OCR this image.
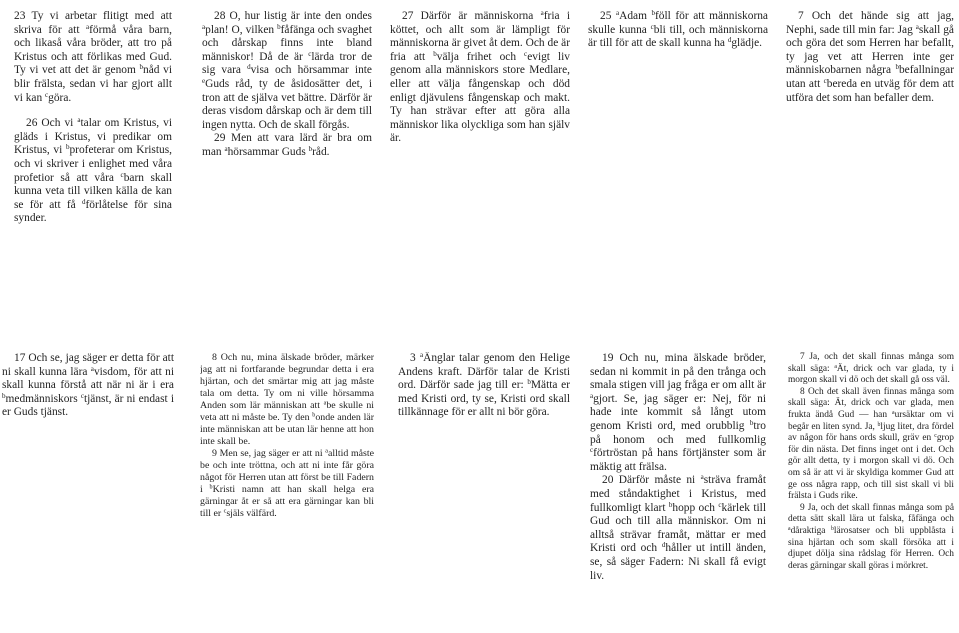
23 Ty vi arbetar flitigt med att skriva för att $^a$förmå våra barn, och likaså våra bröder, att tro på Kristus och att förlikas med Gud. Ty vi vet att det är genom $^b$nåd vi blir frälsta, sedan vi har gjort allt vi kan $^c$göra.

26 Och vi $^a$talar om Kristus, vi gläds i Kristus, vi predikar om Kristus, vi $^b$profeterar om Kristus, och vi skriver i enlighet med våra profetior så att våra $^c$barn skall kunna veta till vilken källa de kan se för att få $^d$förlåtelse för sina synder.

28 O, hur listig är inte den ondes $^a$plan! O, vilken $^b$fåfänga och svaghet och dårskap finns inte bland människor! Då de är $^c$lärda tror de sig vara $^d$visa och hörsammar inte $^e$Guds råd, ty de åsidosätter det, i tron att de själva vet bättre. Därför är deras visdom dårskap och är dem till ingen nytta. Och de skall förgås.

29 Men att vara lärd är bra om man $^a$hörsammar Guds $^b$råd.

27 Därför är människorna $^a$fria i köttet, och allt som är lämpligt för människorna är givet åt dem. Och de är fria att $^b$välja frihet och $^c$evigt liv genom alla människors store Medlare, eller att välja fångenskap och död enligt djävulens fångenskap och makt. Ty han strävar efter att göra alla människor lika olyckliga som han själv är.

25 $^a$Adam $^b$föll för att människorna skulle kunna $^c$bli till, och människorna är till för att de skall kunna ha $^d$glädje.

7 Och det hände sig att jag, Nephi, sade till min far: Jag $^a$skall gå och göra det som Herren har befallt, ty jag vet att Herren inte ger människobarnen några $^b$befallningar utan att $^c$bereda en utväg för dem att utföra det som han befaller dem.

17 Och se, jag säger er detta för att ni skall kunna lära $^a$visdom, för att ni skall kunna förstå att när ni är i era $^b$medmänniskors $^c$tjänst, är ni endast i er Guds tjänst.

8 Och nu, mina älskade bröder, märker jag att ni fortfarande begrundar detta i era hjärtan, och det smärtar mig att jag måste tala om detta. Ty om ni ville hörsamma Anden som lär människan att $^a$be skulle ni veta att ni måste be. Ty den $^b$onde anden lär inte människan att be utan lär henne att hon inte skall be.

9 Men se, jag säger er att ni $^a$alltid måste be och inte tröttna, och att ni inte får göra något för Herren utan att först be till Fadern i $^b$Kristi namn att han skall helga era gärningar åt er så att era gärningar kan bli till er $^c$själs välfärd.

3 $^a$Änglar talar genom den Helige Andens kraft. Därför talar de Kristi ord. Därför sade jag till er: $^b$Mätta er med Kristi ord, ty se, Kristi ord skall tillkännage för er allt ni bör göra.

19 Och nu, mina älskade bröder, sedan ni kommit in på den trånga och smala stigen vill jag fråga er om allt är $^a$gjort. Se, jag säger er: Nej, för ni hade inte kommit så långt utom genom Kristi ord, med orubblig $^b$tro på honom och med fullkomlig $^c$förtröstan på hans förtjänster som är mäktig att frälsa.

20 Därför måste ni $^a$sträva framåt med ståndaktighet i Kristus, med fullkomligt klart $^b$hopp och $^c$kärlek till Gud och till alla människor. Om ni alltså strävar framåt, mättar er med Kristi ord och $^d$håller ut intill änden, se, så säger Fadern: Ni skall få evigt liv.

7 Ja, och det skall finnas många som skall säga: $^a$Ät, drick och var glada, ty i morgon skall vi dö och det skall gå oss väl.

8 Och det skall även finnas många som skall säga: Ät, drick och var glada, men frukta ändå Gud — han $^a$ursäktar om vi begår en liten synd. Ja, $^b$ljug litet, dra fördel av någon för hans ords skull, gräv en $^c$grop för din nästa. Det finns inget ont i det. Och gör allt detta, ty i morgon skall vi dö. Och om så är att vi är skyldiga kommer Gud att ge oss några rapp, och till sist skall vi bli frälsta i Guds rike.

9 Ja, och det skall finnas många som på detta sätt skall lära ut falska, fåfänga och $^a$dåraktiga $^b$lärosatser och bli uppblåsta i sina hjärtan och som skall försöka att i djupet dölja sina rådslag för Herren. Och deras gärningar skall göras i mörkret.
